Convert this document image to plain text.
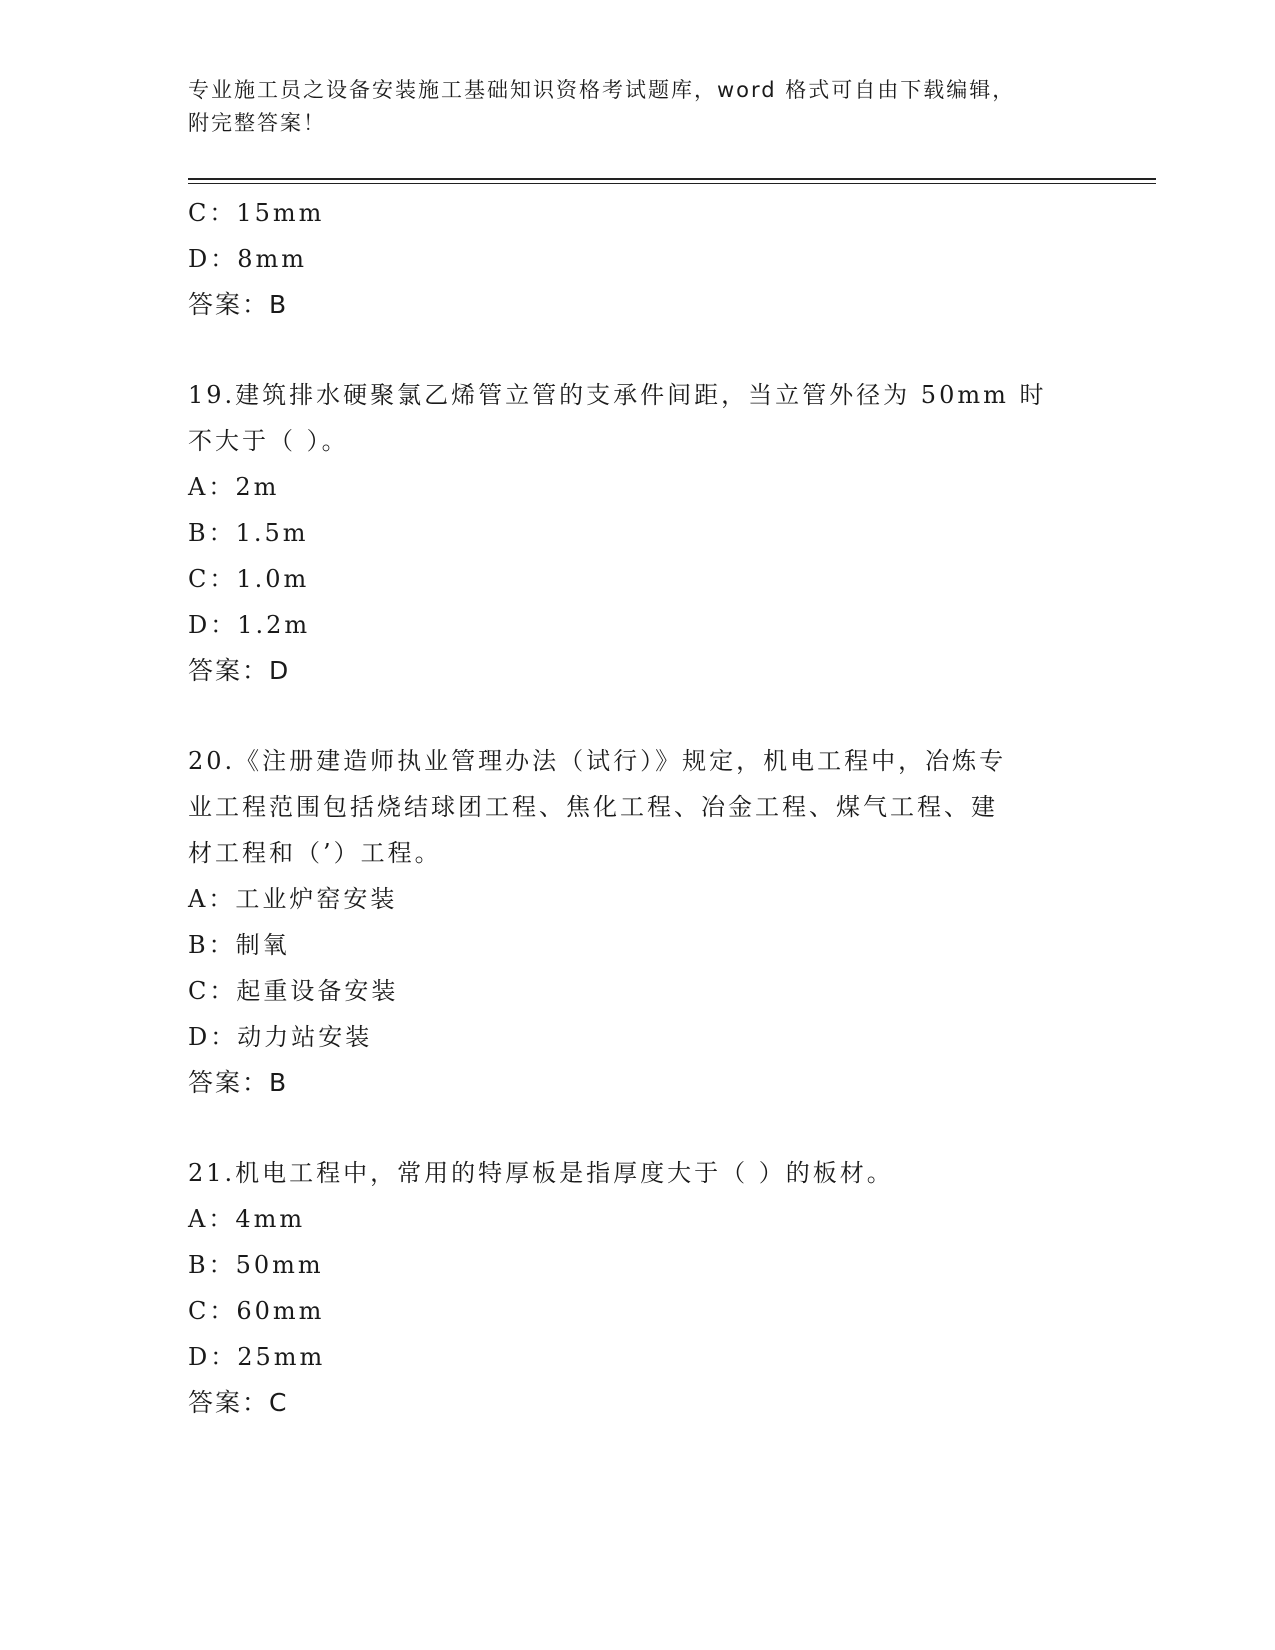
专业施工员之设备安装施工基础知识资格考试题库，word 格式可自由下载编辑，
附完整答案！
C：15mm
D：8mm
答案：B
19.建筑排水硬聚氯乙烯管立管的支承件间距，当立管外径为 50mm 时
不大于（ ）。
A：2m
B：1.5m
C：1.0m
D：1.2m
答案：D
20.《注册建造师执业管理办法（试行）》规定，机电工程中，冶炼专
业工程范围包括烧结球团工程、焦化工程、冶金工程、煤气工程、建
材工程和（’）工程。
A：工业炉窑安装
B：制氧
C：起重设备安装
D：动力站安装
答案：B
21.机电工程中，常用的特厚板是指厚度大于（ ）的板材。
A：4mm
B：50mm
C：60mm
D：25mm
答案：C
